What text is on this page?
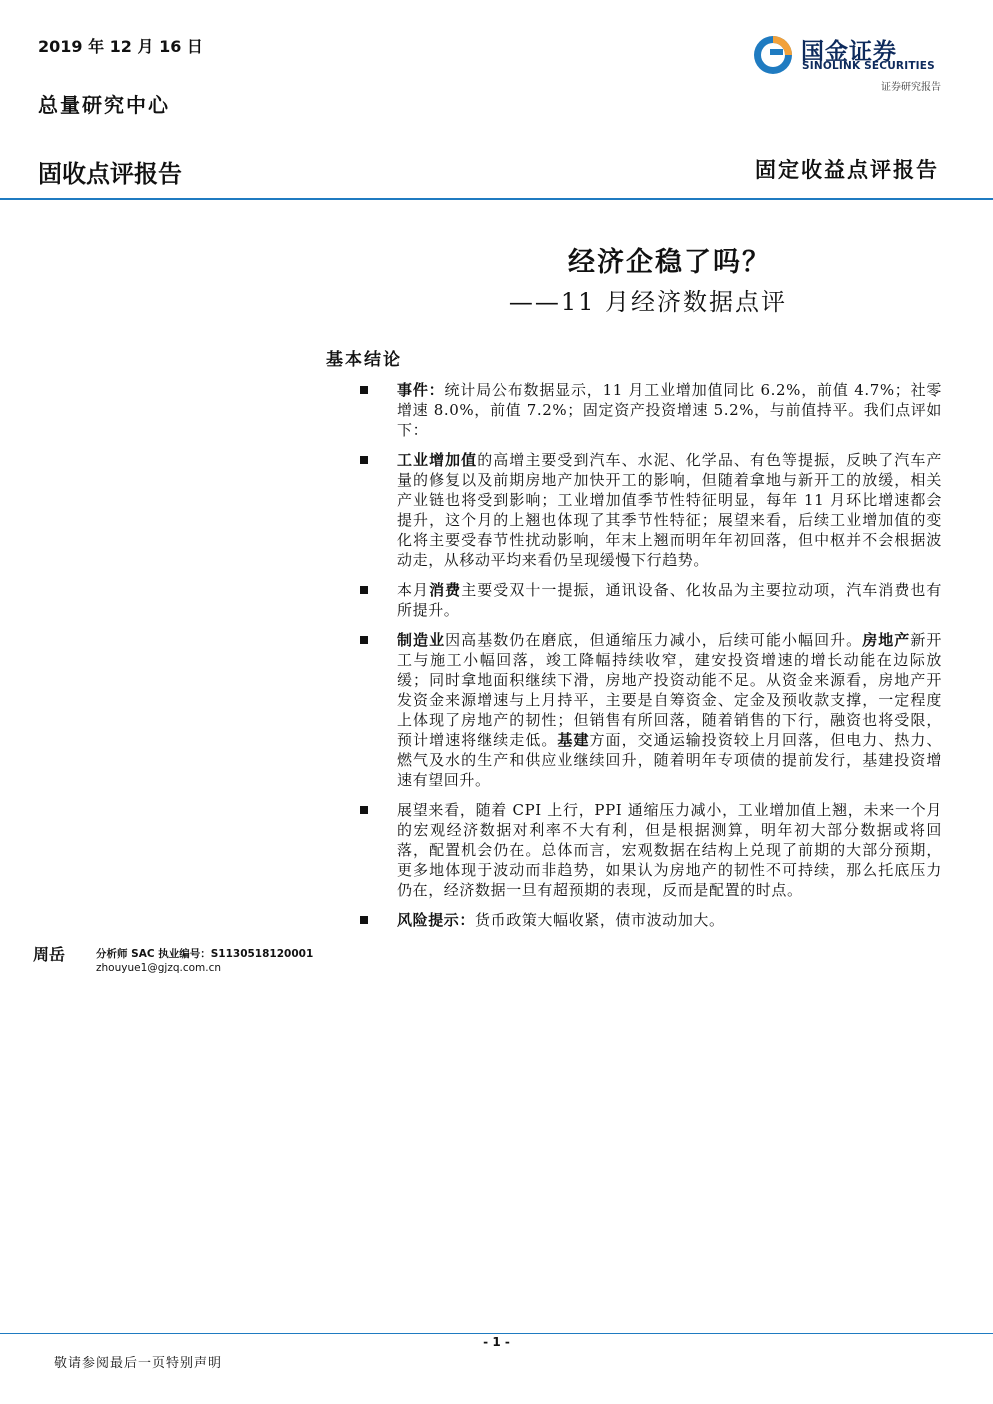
2019 年 12 月 16 日
总量研究中心
国金证券
SINOLINK SECURITIES
证券研究报告
固收点评报告	固定收益点评报告
经济企稳了吗？
——11 月经济数据点评
基本结论
事件：统计局公布数据显示，11 月工业增加值同比 6.2%，前值 4.7%；社零增速 8.0%，前值 7.2%；固定资产投资增速 5.2%，与前值持平。我们点评如下：
工业增加值的高增主要受到汽车、水泥、化学品、有色等提振，反映了汽车产量的修复以及前期房地产加快开工的影响，但随着拿地与新开工的放缓，相关产业链也将受到影响；工业增加值季节性特征明显，每年 11 月环比增速都会提升，这个月的上翘也体现了其季节性特征；展望来看，后续工业增加值的变化将主要受春节性扰动影响，年末上翘而明年年初回落，但中枢并不会根据波动走，从移动平均来看仍呈现缓慢下行趋势。
本月消费主要受双十一提振，通讯设备、化妆品为主要拉动项，汽车消费也有所提升。
制造业因高基数仍在磨底，但通缩压力减小，后续可能小幅回升。房地产新开工与施工小幅回落，竣工降幅持续收窄，建安投资增速的增长动能在边际放缓；同时拿地面积继续下滑，房地产投资动能不足。从资金来源看，房地产开发资金来源增速与上月持平，主要是自筹资金、定金及预收款支撑，一定程度上体现了房地产的韧性；但销售有所回落，随着销售的下行，融资也将受限，预计增速将继续走低。基建方面，交通运输投资较上月回落，但电力、热力、燃气及水的生产和供应业继续回升，随着明年专项债的提前发行，基建投资增速有望回升。
展望来看，随着 CPI 上行，PPI 通缩压力减小，工业增加值上翘，未来一个月的宏观经济数据对利率不大有利，但是根据测算，明年初大部分数据或将回落，配置机会仍在。总体而言，宏观数据在结构上兑现了前期的大部分预期，更多地体现于波动而非趋势，如果认为房地产的韧性不可持续，那么托底压力仍在，经济数据一旦有超预期的表现，反而是配置的时点。
风险提示：货币政策大幅收紧，债市波动加大。
周岳	分析师 SAC 执业编号：S1130518120001
zhouyue1@gjzq.com.cn
- 1 -
敬请参阅最后一页特别声明
